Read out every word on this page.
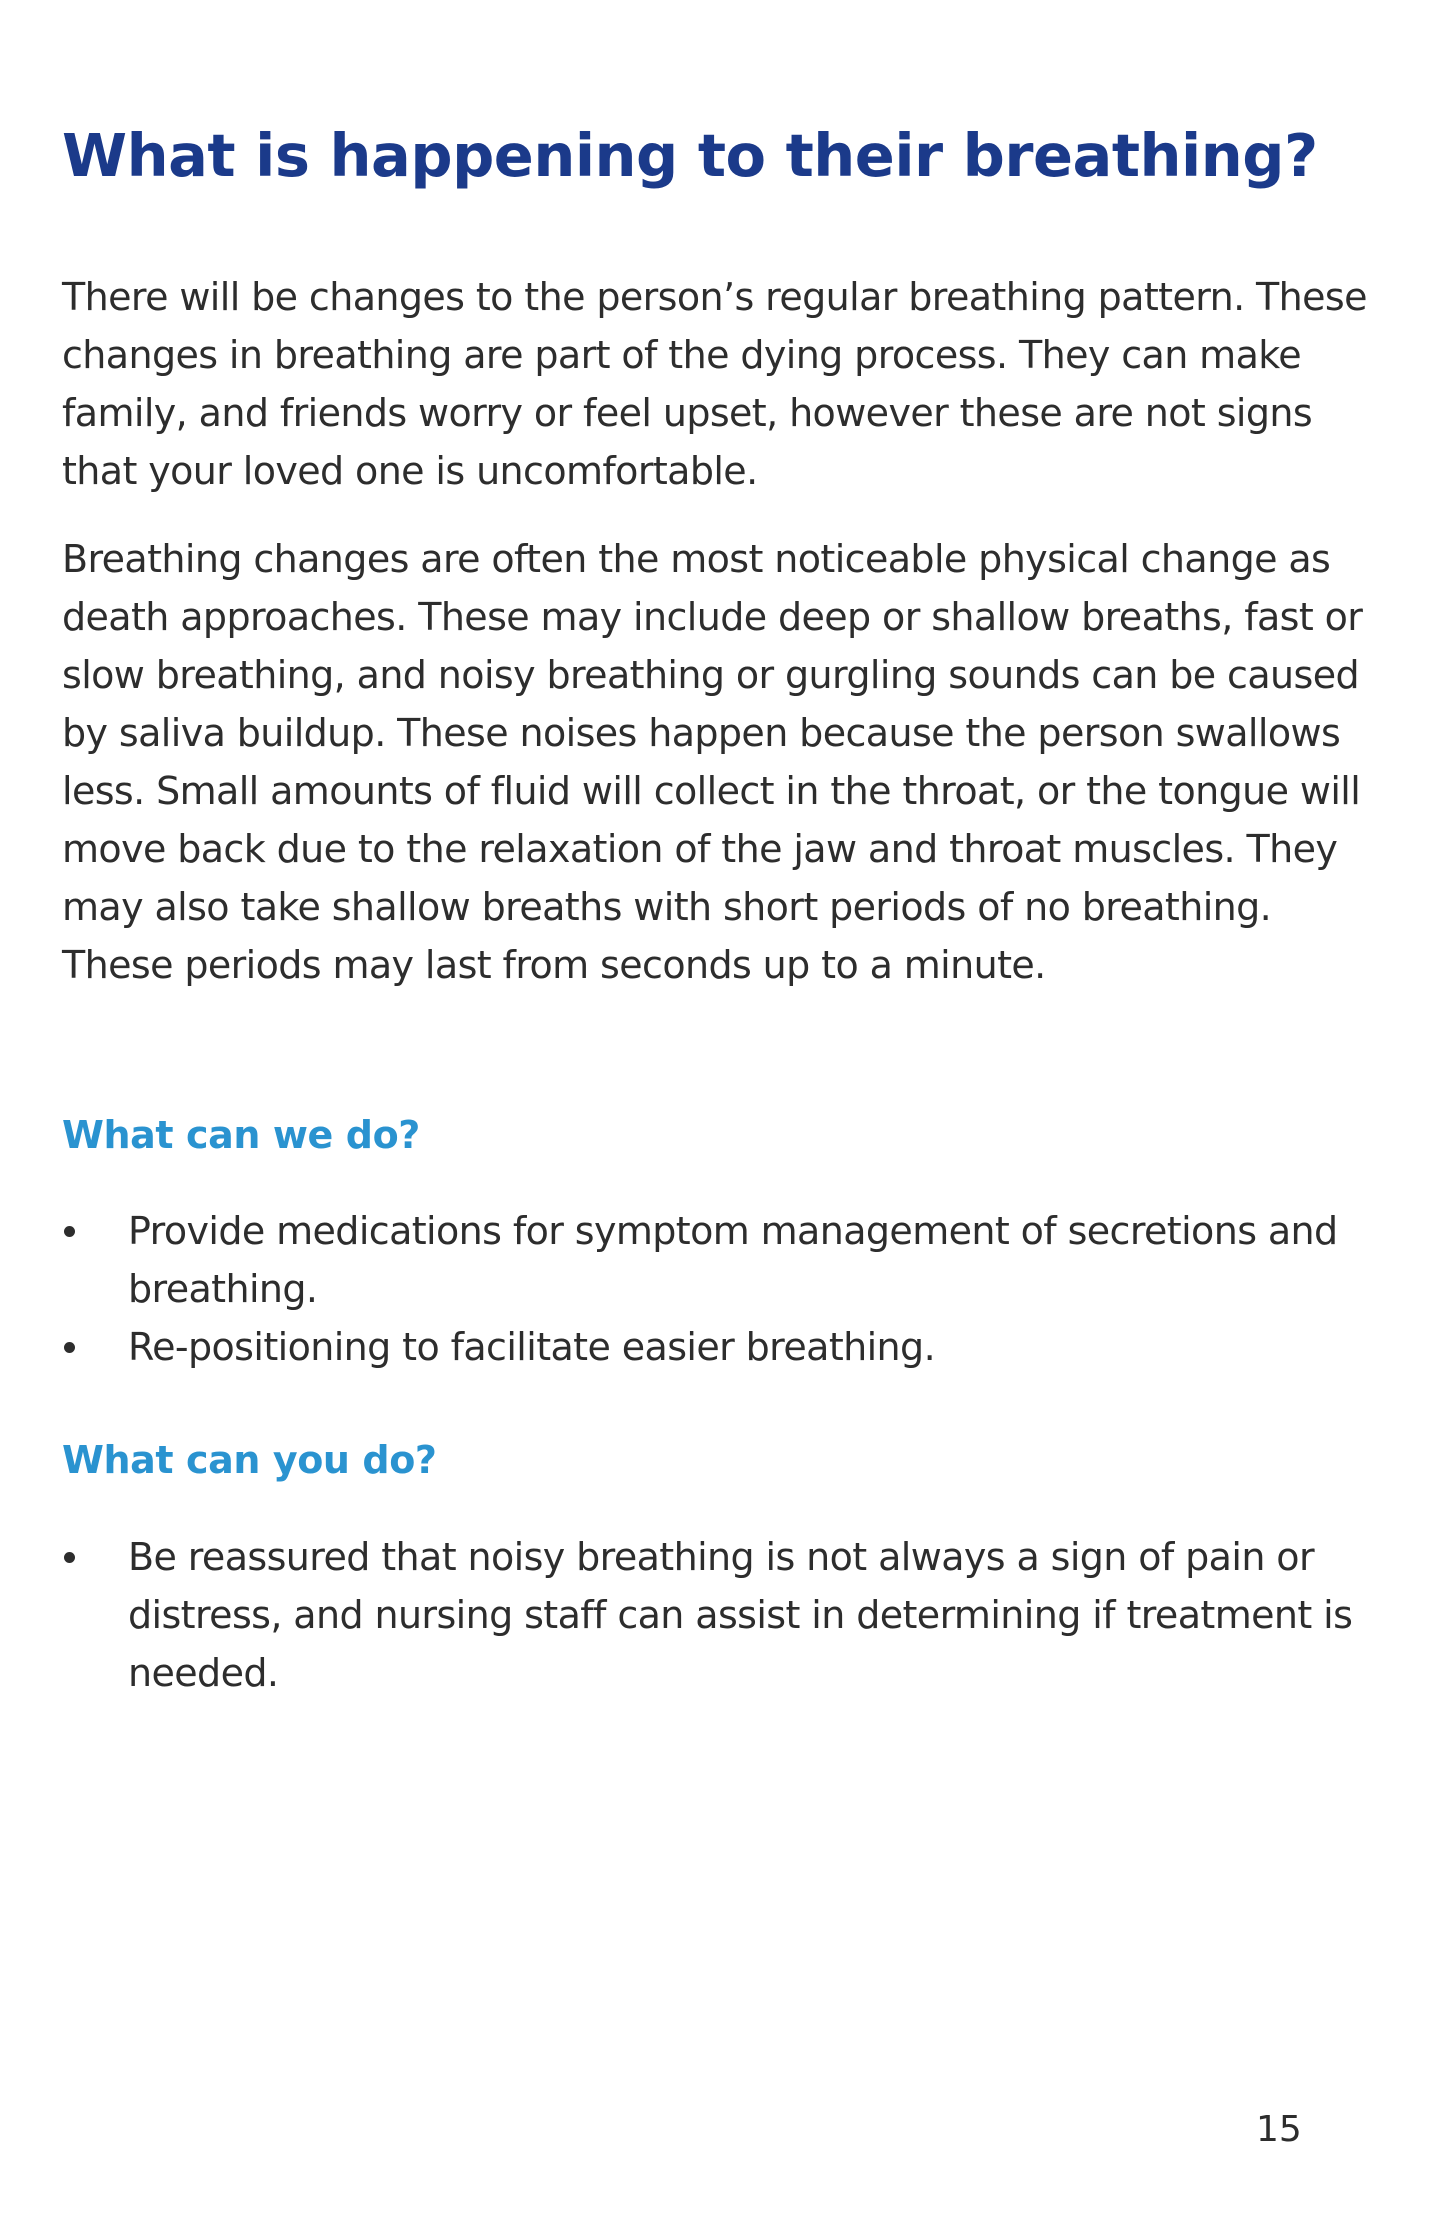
What is happening to their breathing?

There will be changes to the person’s regular breathing pattern. These changes in breathing are part of the dying process. They can make family, and friends worry or feel upset, however these are not signs that your loved one is uncomfortable.

Breathing changes are often the most noticeable physical change as death approaches. These may include deep or shallow breaths, fast or slow breathing, and noisy breathing or gurgling sounds can be caused by saliva buildup. These noises happen because the person swallows less. Small amounts of fluid will collect in the throat, or the tongue will move back due to the relaxation of the jaw and throat muscles. They may also take shallow breaths with short periods of no breathing. These periods may last from seconds up to a minute.

What can we do?
Provide medications for symptom management of secretions and breathing.
Re-positioning to facilitate easier breathing.
What can you do?
Be reassured that noisy breathing is not always a sign of pain or distress, and nursing staff can assist in determining if treatment is needed.
15
